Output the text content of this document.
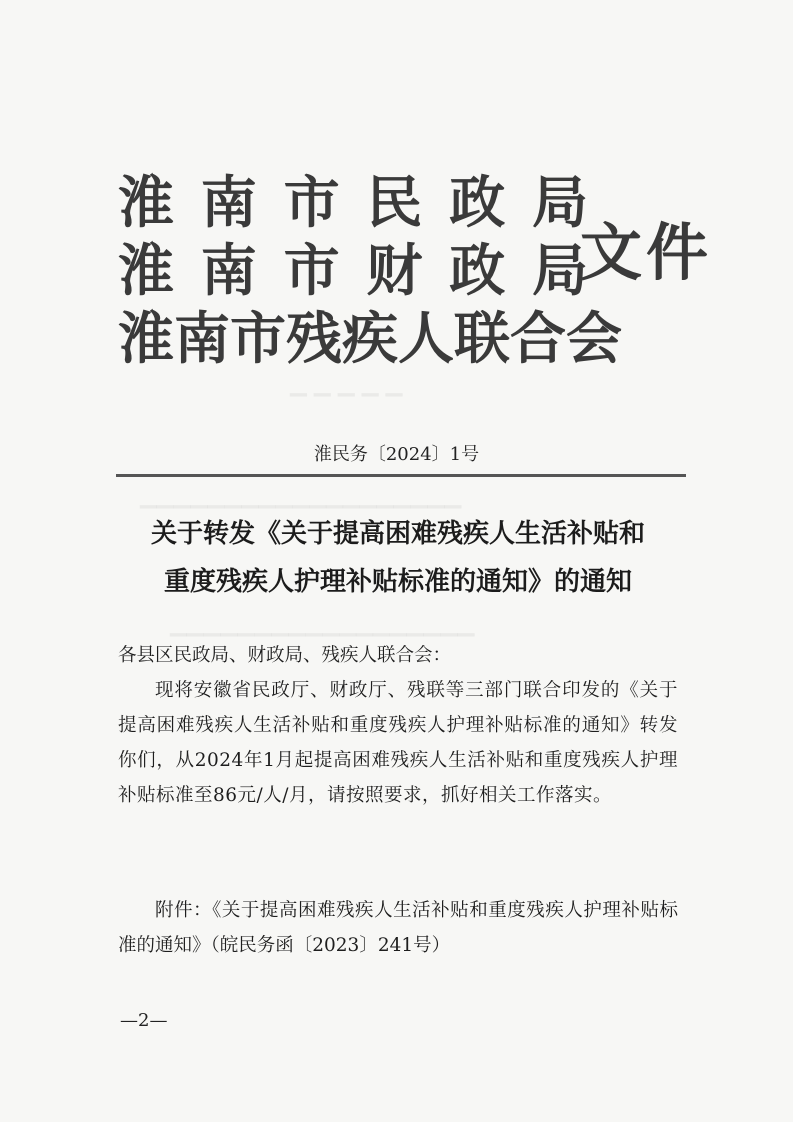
▁ ▁ ▁ ▁ ▁
▁▁▁▁▁▁▁▁▁▁▁▁▁▁▁▁▁▁▁
▁▁▁▁▁▁▁▁▁▁▁▁▁▁▁▁▁▁
淮 南 市 民 政 局
淮 南 市 财 政 局
淮 南 市 残 疾 人 联 合 会
文件
淮民务〔2024〕1号
关于转发《关于提高困难残疾人生活补贴和
重度残疾人护理补贴标准的通知》的通知
各县区民政局、财政局、残疾人联合会：
现将安徽省民政厅、财政厅、残联等三部门联合印发的《关于提高困难残疾人生活补贴和重度残疾人护理补贴标准的通知》转发你们，从2024年1月起提高困难残疾人生活补贴和重度残疾人护理补贴标准至86元/人/月，请按照要求，抓好相关工作落实。
附件：《关于提高困难残疾人生活补贴和重度残疾人护理补贴标准的通知》（皖民务函〔2023〕241号）
—2—
